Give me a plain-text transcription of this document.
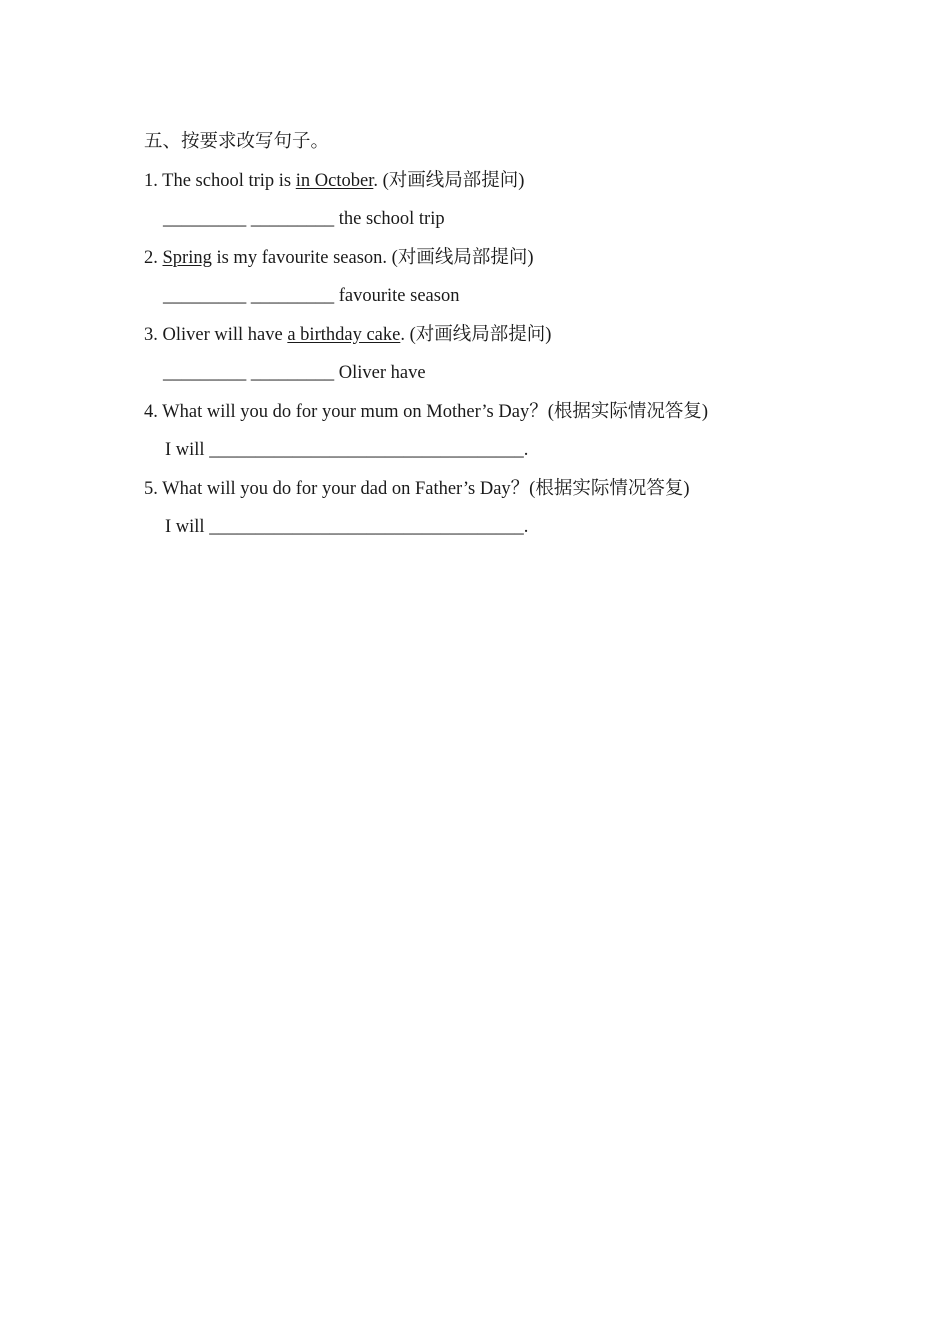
五、按要求改写句子。
1. The school trip is in October. (对画线局部提问)
_________ _________ the school trip
2. Spring is my favourite season. (对画线局部提问)
_________ _________ favourite season
3. Oliver will have a birthday cake. (对画线局部提问)
_________ _________ Oliver have
4. What will you do for your mum on Mother’s Day？(根据实际情况答复)
I will __________________________________.
5. What will you do for your dad on Father’s Day？(根据实际情况答复)
I will __________________________________.
